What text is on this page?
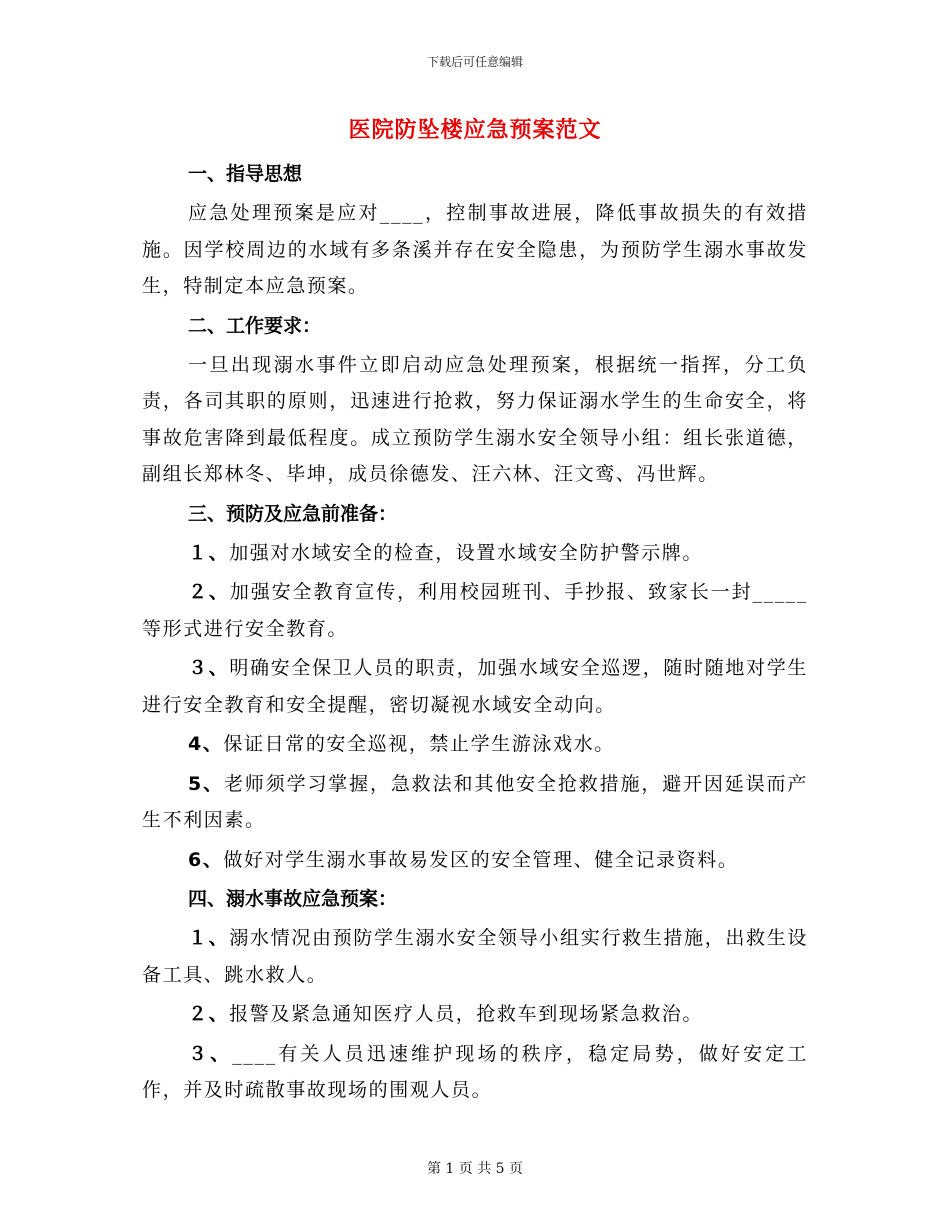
下载后可任意编辑
医院防坠楼应急预案范文
一、指导思想

应急处理预案是应对____，控制事故进展，降低事故损失的有效措施。因学校周边的水域有多条溪并存在安全隐患，为预防学生溺水事故发生，特制定本应急预案。

二、工作要求：

一旦出现溺水事件立即启动应急处理预案，根据统一指挥，分工负责，各司其职的原则，迅速进行抢救，努力保证溺水学生的生命安全，将事故危害降到最低程度。成立预防学生溺水安全领导小组：组长张道德，副组长郑林冬、毕坤，成员徐德发、汪六林、汪文鸾、冯世辉。

三、预防及应急前准备：

１、加强对水域安全的检查，设置水域安全防护警示牌。

２、加强安全教育宣传，利用校园班刊、手抄报、致家长一封_____等形式进行安全教育。

３、明确安全保卫人员的职责，加强水域安全巡逻，随时随地对学生进行安全教育和安全提醒，密切凝视水域安全动向。

4、保证日常的安全巡视，禁止学生游泳戏水。

5、老师须学习掌握，急救法和其他安全抢救措施，避开因延误而产生不利因素。

6、做好对学生溺水事故易发区的安全管理、健全记录资料。

四、溺水事故应急预案：

１、溺水情况由预防学生溺水安全领导小组实行救生措施，出救生设备工具、跳水救人。

２、报警及紧急通知医疗人员，抢救车到现场紧急救治。

３、____有关人员迅速维护现场的秩序，稳定局势，做好安定工作，并及时疏散事故现场的围观人员。

第 1 页 共 5 页
